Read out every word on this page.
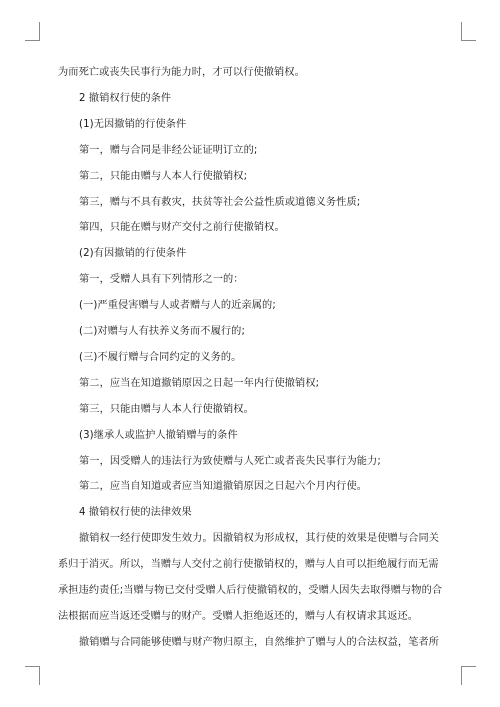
为而死亡或丧失民事行为能力时，才可以行使撤销权。
2 撤销权行使的条件
(1)无因撤销的行使条件
第一，赠与合同是非经公证证明订立的;
第二，只能由赠与人本人行使撤销权;
第三，赠与不具有救灾，扶贫等社会公益性质或道德义务性质;
第四，只能在赠与财产交付之前行使撤销权。
(2)有因撤销的行使条件
第一，受赠人具有下列情形之一的：
(一)严重侵害赠与人或者赠与人的近亲属的;
(二)对赠与人有扶养义务而不履行的;
(三)不履行赠与合同约定的义务的。
第二，应当在知道撤销原因之日起一年内行使撤销权;
第三，只能由赠与人本人行使撤销权。
(3)继承人或监护人撤销赠与的条件
第一，因受赠人的违法行为致使赠与人死亡或者丧失民事行为能力;
第二，应当自知道或者应当知道撤销原因之日起六个月内行使。
4 撤销权行使的法律效果
撤销权一经行使即发生效力。因撤销权为形成权，其行使的效果是使赠与合同关
系归于消灭。所以，当赠与人交付之前行使撤销权的，赠与人自可以拒绝履行而无需
承担违约责任;当赠与物已交付受赠人后行使撤销权的，受赠人因失去取得赠与物的合
法根据而应当返还受赠与的财产。受赠人拒绝返还的，赠与人有权请求其返还。
撤销赠与合同能够使赠与财产物归原主，自然维护了赠与人的合法权益，笔者所
